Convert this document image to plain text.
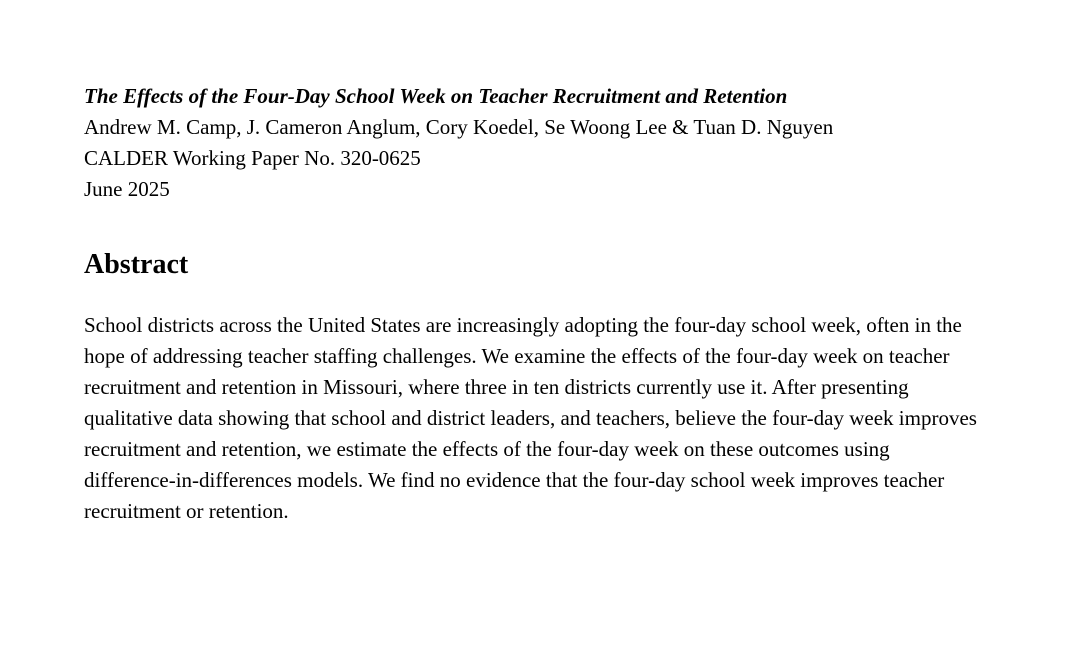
The Effects of the Four-Day School Week on Teacher Recruitment and Retention
Andrew M. Camp, J. Cameron Anglum, Cory Koedel, Se Woong Lee & Tuan D. Nguyen
CALDER Working Paper No. 320-0625
June 2025
Abstract
School districts across the United States are increasingly adopting the four-day school week, often in the hope of addressing teacher staffing challenges. We examine the effects of the four-day week on teacher recruitment and retention in Missouri, where three in ten districts currently use it. After presenting qualitative data showing that school and district leaders, and teachers, believe the four-day week improves recruitment and retention, we estimate the effects of the four-day week on these outcomes using difference-in-differences models. We find no evidence that the four-day school week improves teacher recruitment or retention.
